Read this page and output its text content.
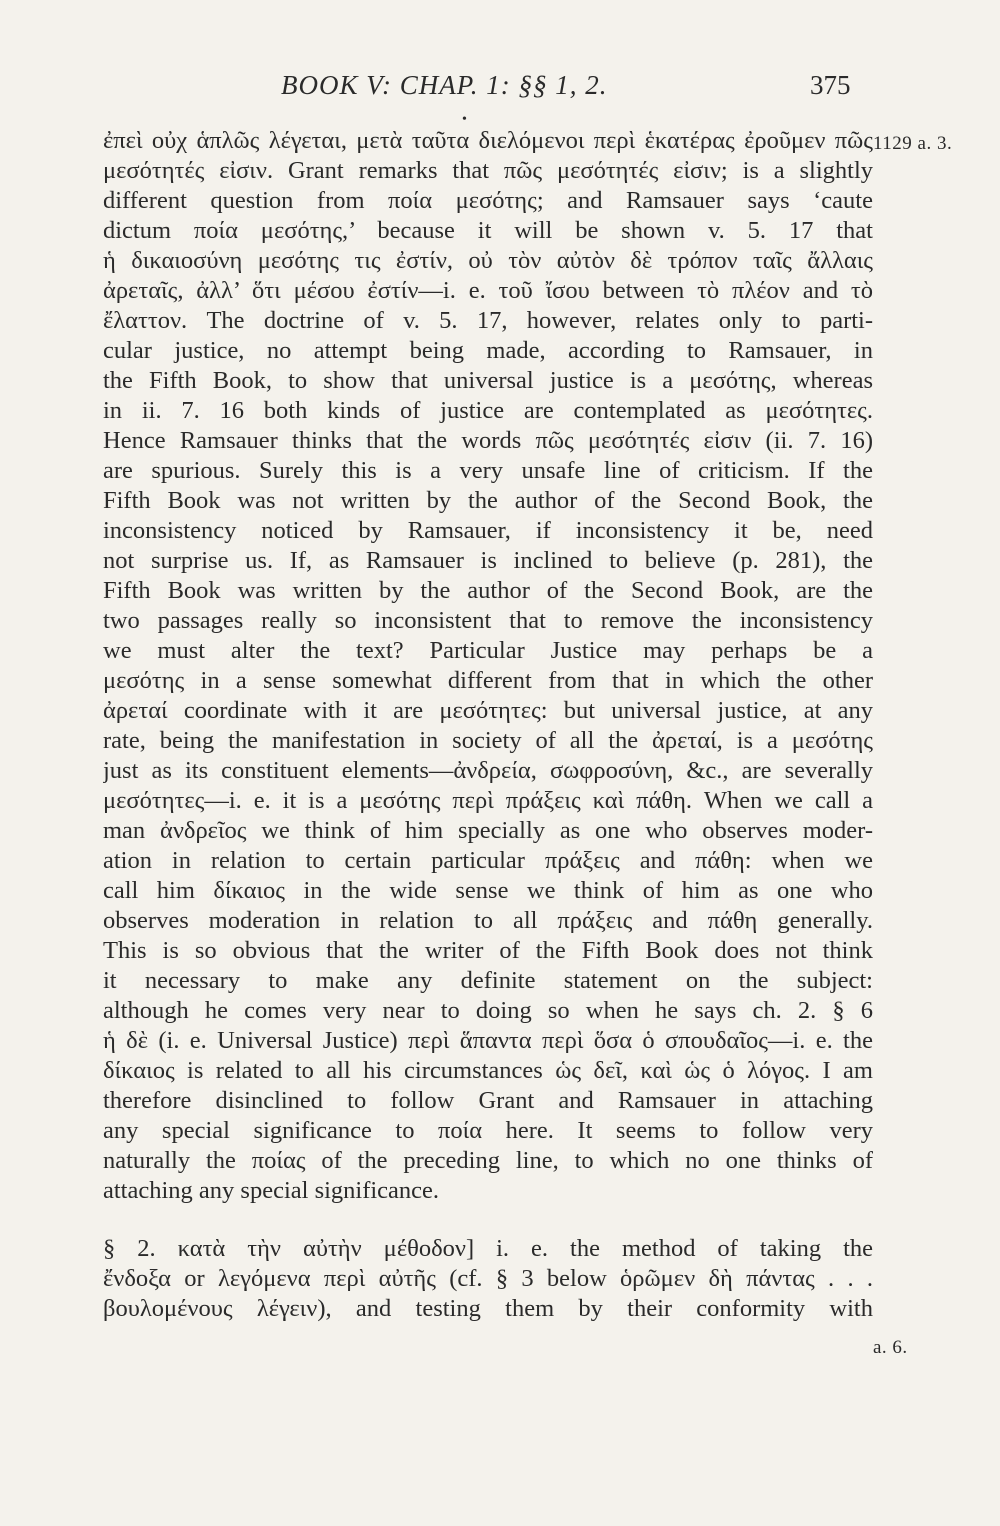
BOOK V: CHAP. 1: §§ 1, 2.	375
•
1129 a. 3.
a. 6.
ἐπεὶ οὐχ ἁπλῶς λέγεται, μετὰ ταῦτα διελόμενοι περὶ ἑκατέρας ἐροῦμεν πῶς
μεσότητές εἰσιν. Grant remarks that πῶς μεσότητές εἰσιν; is a slightly
different question from ποία μεσότης; and Ramsauer says ‘caute
dictum ποία μεσότης,’ because it will be shown v. 5. 17 that
ἡ δικαιοσύνη μεσότης τις ἐστίν, οὐ τὸν αὐτὸν δὲ τρόπον ταῖς ἄλλαις
ἀρεταῖς, ἀλλ’ ὅτι μέσου ἐστίν—i. e. τοῦ ἴσου between τὸ πλέον and τὸ
ἔλαττον. The doctrine of v. 5. 17, however, relates only to parti-
cular justice, no attempt being made, according to Ramsauer, in
the Fifth Book, to show that universal justice is a μεσότης, whereas
in ii. 7. 16 both kinds of justice are contemplated as μεσότητες.
Hence Ramsauer thinks that the words πῶς μεσότητές εἰσιν (ii. 7. 16)
are spurious. Surely this is a very unsafe line of criticism. If the
Fifth Book was not written by the author of the Second Book, the
inconsistency noticed by Ramsauer, if inconsistency it be, need
not surprise us. If, as Ramsauer is inclined to believe (p. 281), the
Fifth Book was written by the author of the Second Book, are the
two passages really so inconsistent that to remove the inconsistency
we must alter the text? Particular Justice may perhaps be a
μεσότης in a sense somewhat different from that in which the other
ἀρεταί coordinate with it are μεσότητες: but universal justice, at any
rate, being the manifestation in society of all the ἀρεταί, is a μεσότης
just as its constituent elements—ἀνδρεία, σωφροσύνη, &c., are severally
μεσότητες—i. e. it is a μεσότης περὶ πράξεις καὶ πάθη. When we call a
man ἀνδρεῖος we think of him specially as one who observes moder-
ation in relation to certain particular πράξεις and πάθη: when we
call him δίκαιος in the wide sense we think of him as one who
observes moderation in relation to all πράξεις and πάθη generally.
This is so obvious that the writer of the Fifth Book does not think
it necessary to make any definite statement on the subject:
although he comes very near to doing so when he says ch. 2. § 6
ἡ δὲ (i. e. Universal Justice) περὶ ἅπαντα περὶ ὅσα ὁ σπουδαῖος—i. e. the
δίκαιος is related to all his circumstances ὡς δεῖ, καὶ ὡς ὁ λόγος. I am
therefore disinclined to follow Grant and Ramsauer in attaching
any special significance to ποία here. It seems to follow very
naturally the ποίας of the preceding line, to which no one thinks of
attaching any special significance.
§ 2. κατὰ τὴν αὐτὴν μέθοδον] i. e. the method of taking the
ἔνδοξα or λεγόμενα περὶ αὐτῆς (cf. § 3 below ὁρῶμεν δὴ πάντας . . .
βουλομένους λέγειν), and testing them by their conformity with
